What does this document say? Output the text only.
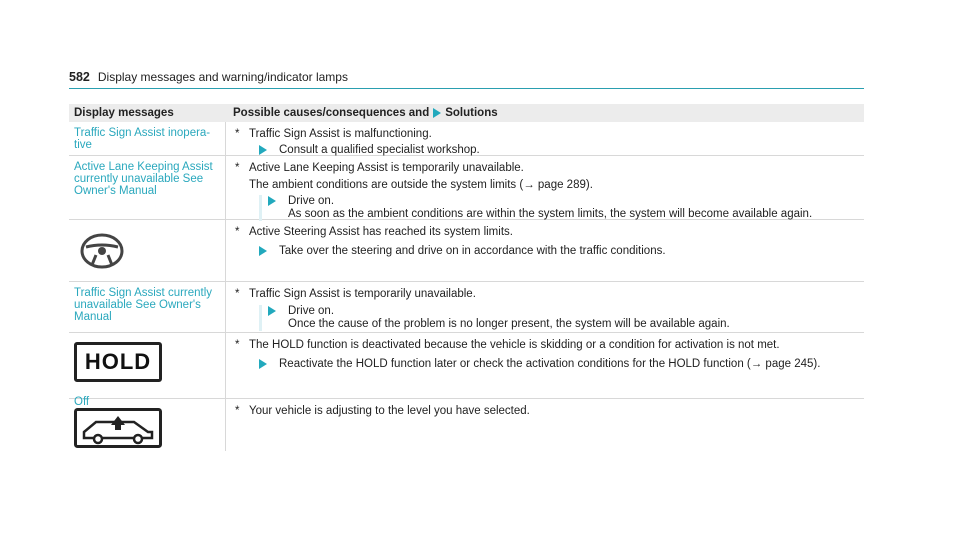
582 Display messages and warning/indicator lamps
Display messages	Possible causes/consequences and Solutions
Traffic Sign Assist inopera-
tive
* Traffic Sign Assist is malfunctioning.
Consult a qualified specialist workshop.
Active Lane Keeping Assist
currently unavailable See
Owner's Manual
* Active Lane Keeping Assist is temporarily unavailable.
The ambient conditions are outside the system limits (→ page 289).
Drive on.
As soon as the ambient conditions are within the system limits, the system will become available again.
* Active Steering Assist has reached its system limits.
Take over the steering and drive on in accordance with the traffic conditions.
Traffic Sign Assist currently
unavailable See Owner's
Manual
* Traffic Sign Assist is temporarily unavailable.
Drive on.
Once the cause of the problem is no longer present, the system will be available again.
HOLD
Off
* The HOLD function is deactivated because the vehicle is skidding or a condition for activation is not met.
Reactivate the HOLD function later or check the activation conditions for the HOLD function (→ page 245).
* Your vehicle is adjusting to the level you have selected.
